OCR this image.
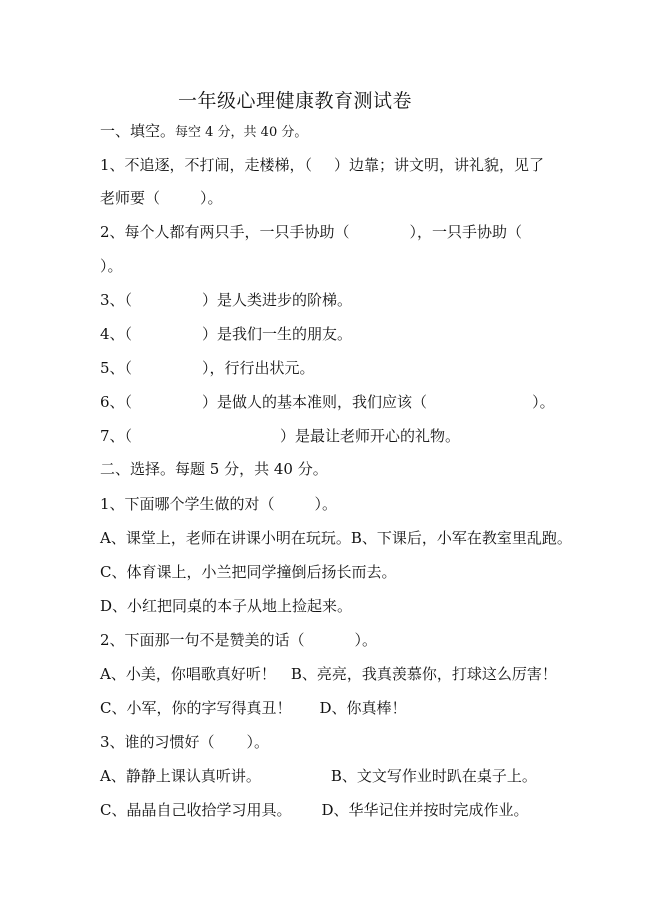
一年级心理健康教育测试卷
一、填空。每空 4 分，共 40 分。
1、不追逐，不打闹，走楼梯，（ ）边靠；讲文明，讲礼貌，见了
老师要（	）。
2、每个人都有两只手，一只手协助（	），一只手协助（
）。
3、（	）是人类进步的阶梯。
4、（	）是我们一生的朋友。
5、（	），行行出状元。
6、（	）是做人的基本准则，我们应该（	）。
7、（	）是最让老师开心的礼物。
二、选择。每题 5 分，共 40 分。
1、下面哪个学生做的对（	）。
A、课堂上，老师在讲课小明在玩玩。B、下课后，小军在教室里乱跑。
C、体育课上，小兰把同学撞倒后扬长而去。
D、小红把同桌的本子从地上捡起来。
2、下面那一句不是赞美的话（	）。
A、小美，你唱歌真好听！ B、亮亮，我真羡慕你，打球这么厉害！
C、小军，你的字写得真丑！ D、你真棒！
3、谁的习惯好（ ）。
A、静静上课认真听讲。	B、文文写作业时趴在桌子上。
C、晶晶自己收拾学习用具。 D、华华记住并按时完成作业。
